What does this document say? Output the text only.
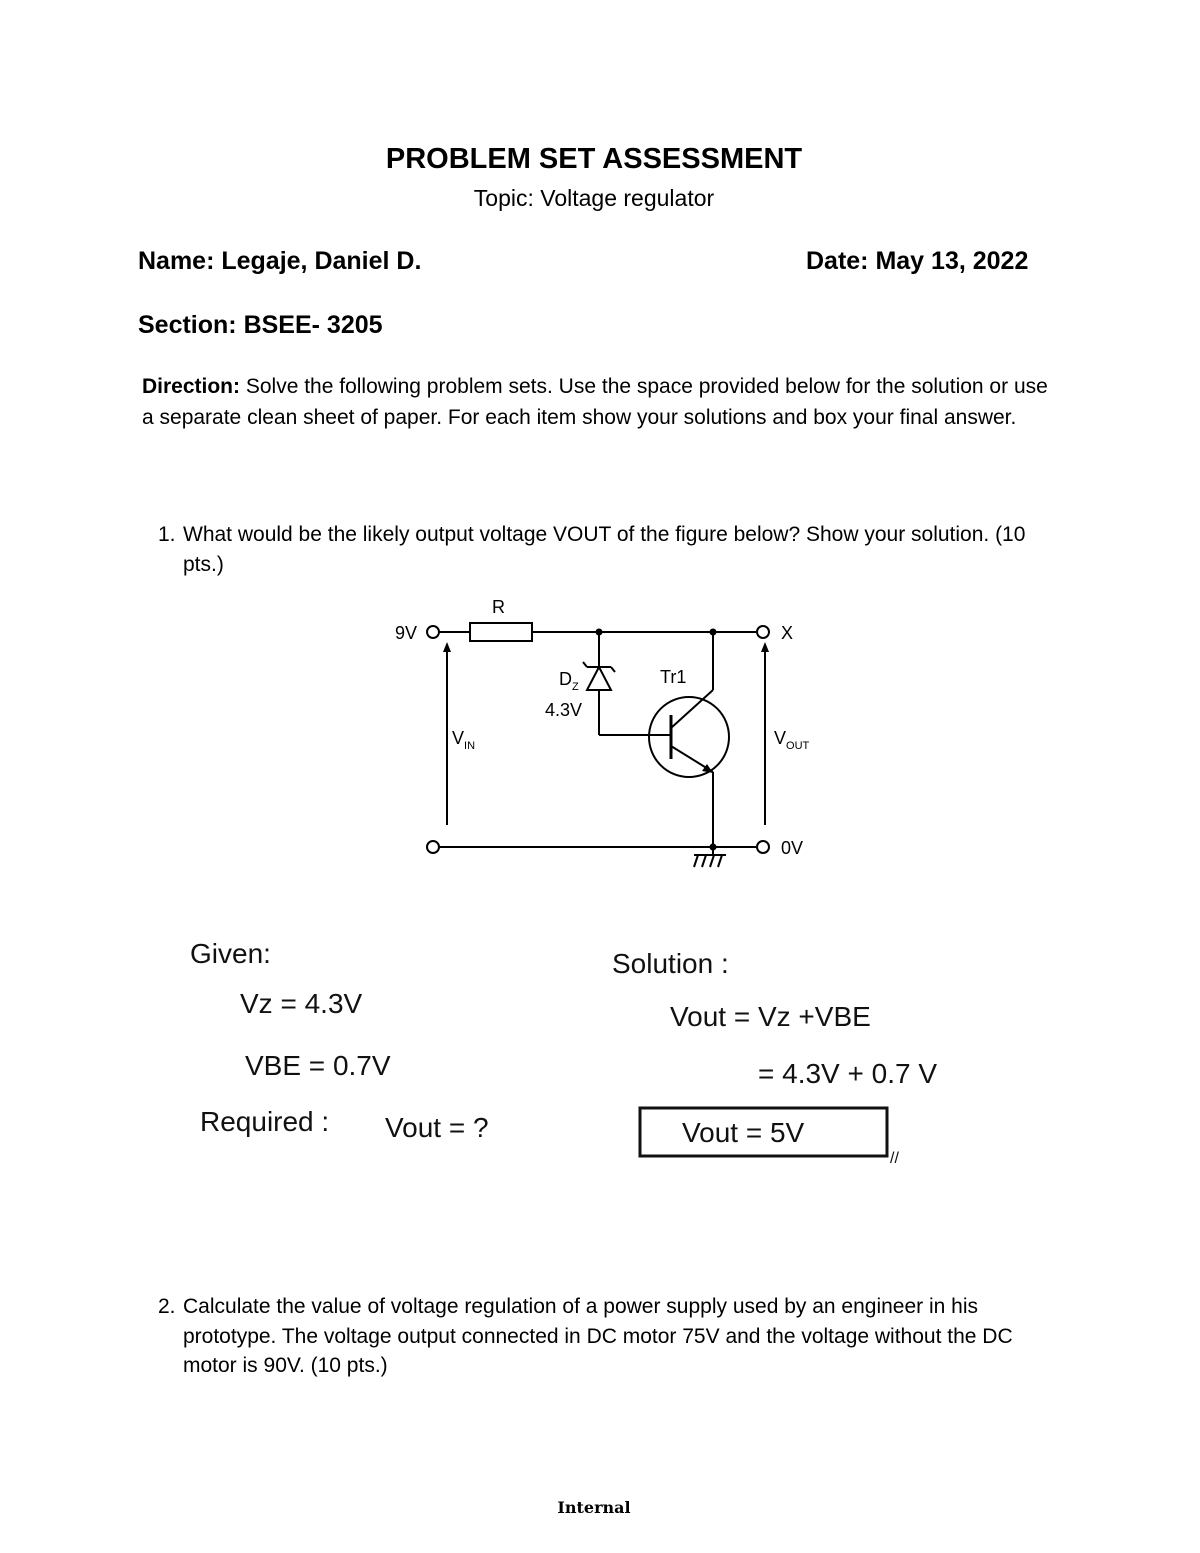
PROBLEM SET ASSESSMENT
Topic: Voltage regulator
Name: Legaje, Daniel D.	Date: May 13, 2022
Section: BSEE- 3205
Direction: Solve the following problem sets. Use the space provided below for the solution or use a separate clean sheet of paper. For each item show your solutions and box your final answer.
1. What would be the likely output voltage VOUT of the figure below? Show your solution. (10 pts.)
9V
R
$D_Z$
4.3V
Tr1
X
$V_{IN}$	$V_{OUT}$
0V
Given:
Vz = 4.3V
VBE = 0.7V
Required : Vout = ?
Solution :
Vout = Vz +VBE
= 4.3V + 0.7 V
Vout = 5V
//
2. Calculate the value of voltage regulation of a power supply used by an engineer in his prototype. The voltage output connected in DC motor 75V and the voltage without the DC motor is 90V. (10 pts.)
Internal
